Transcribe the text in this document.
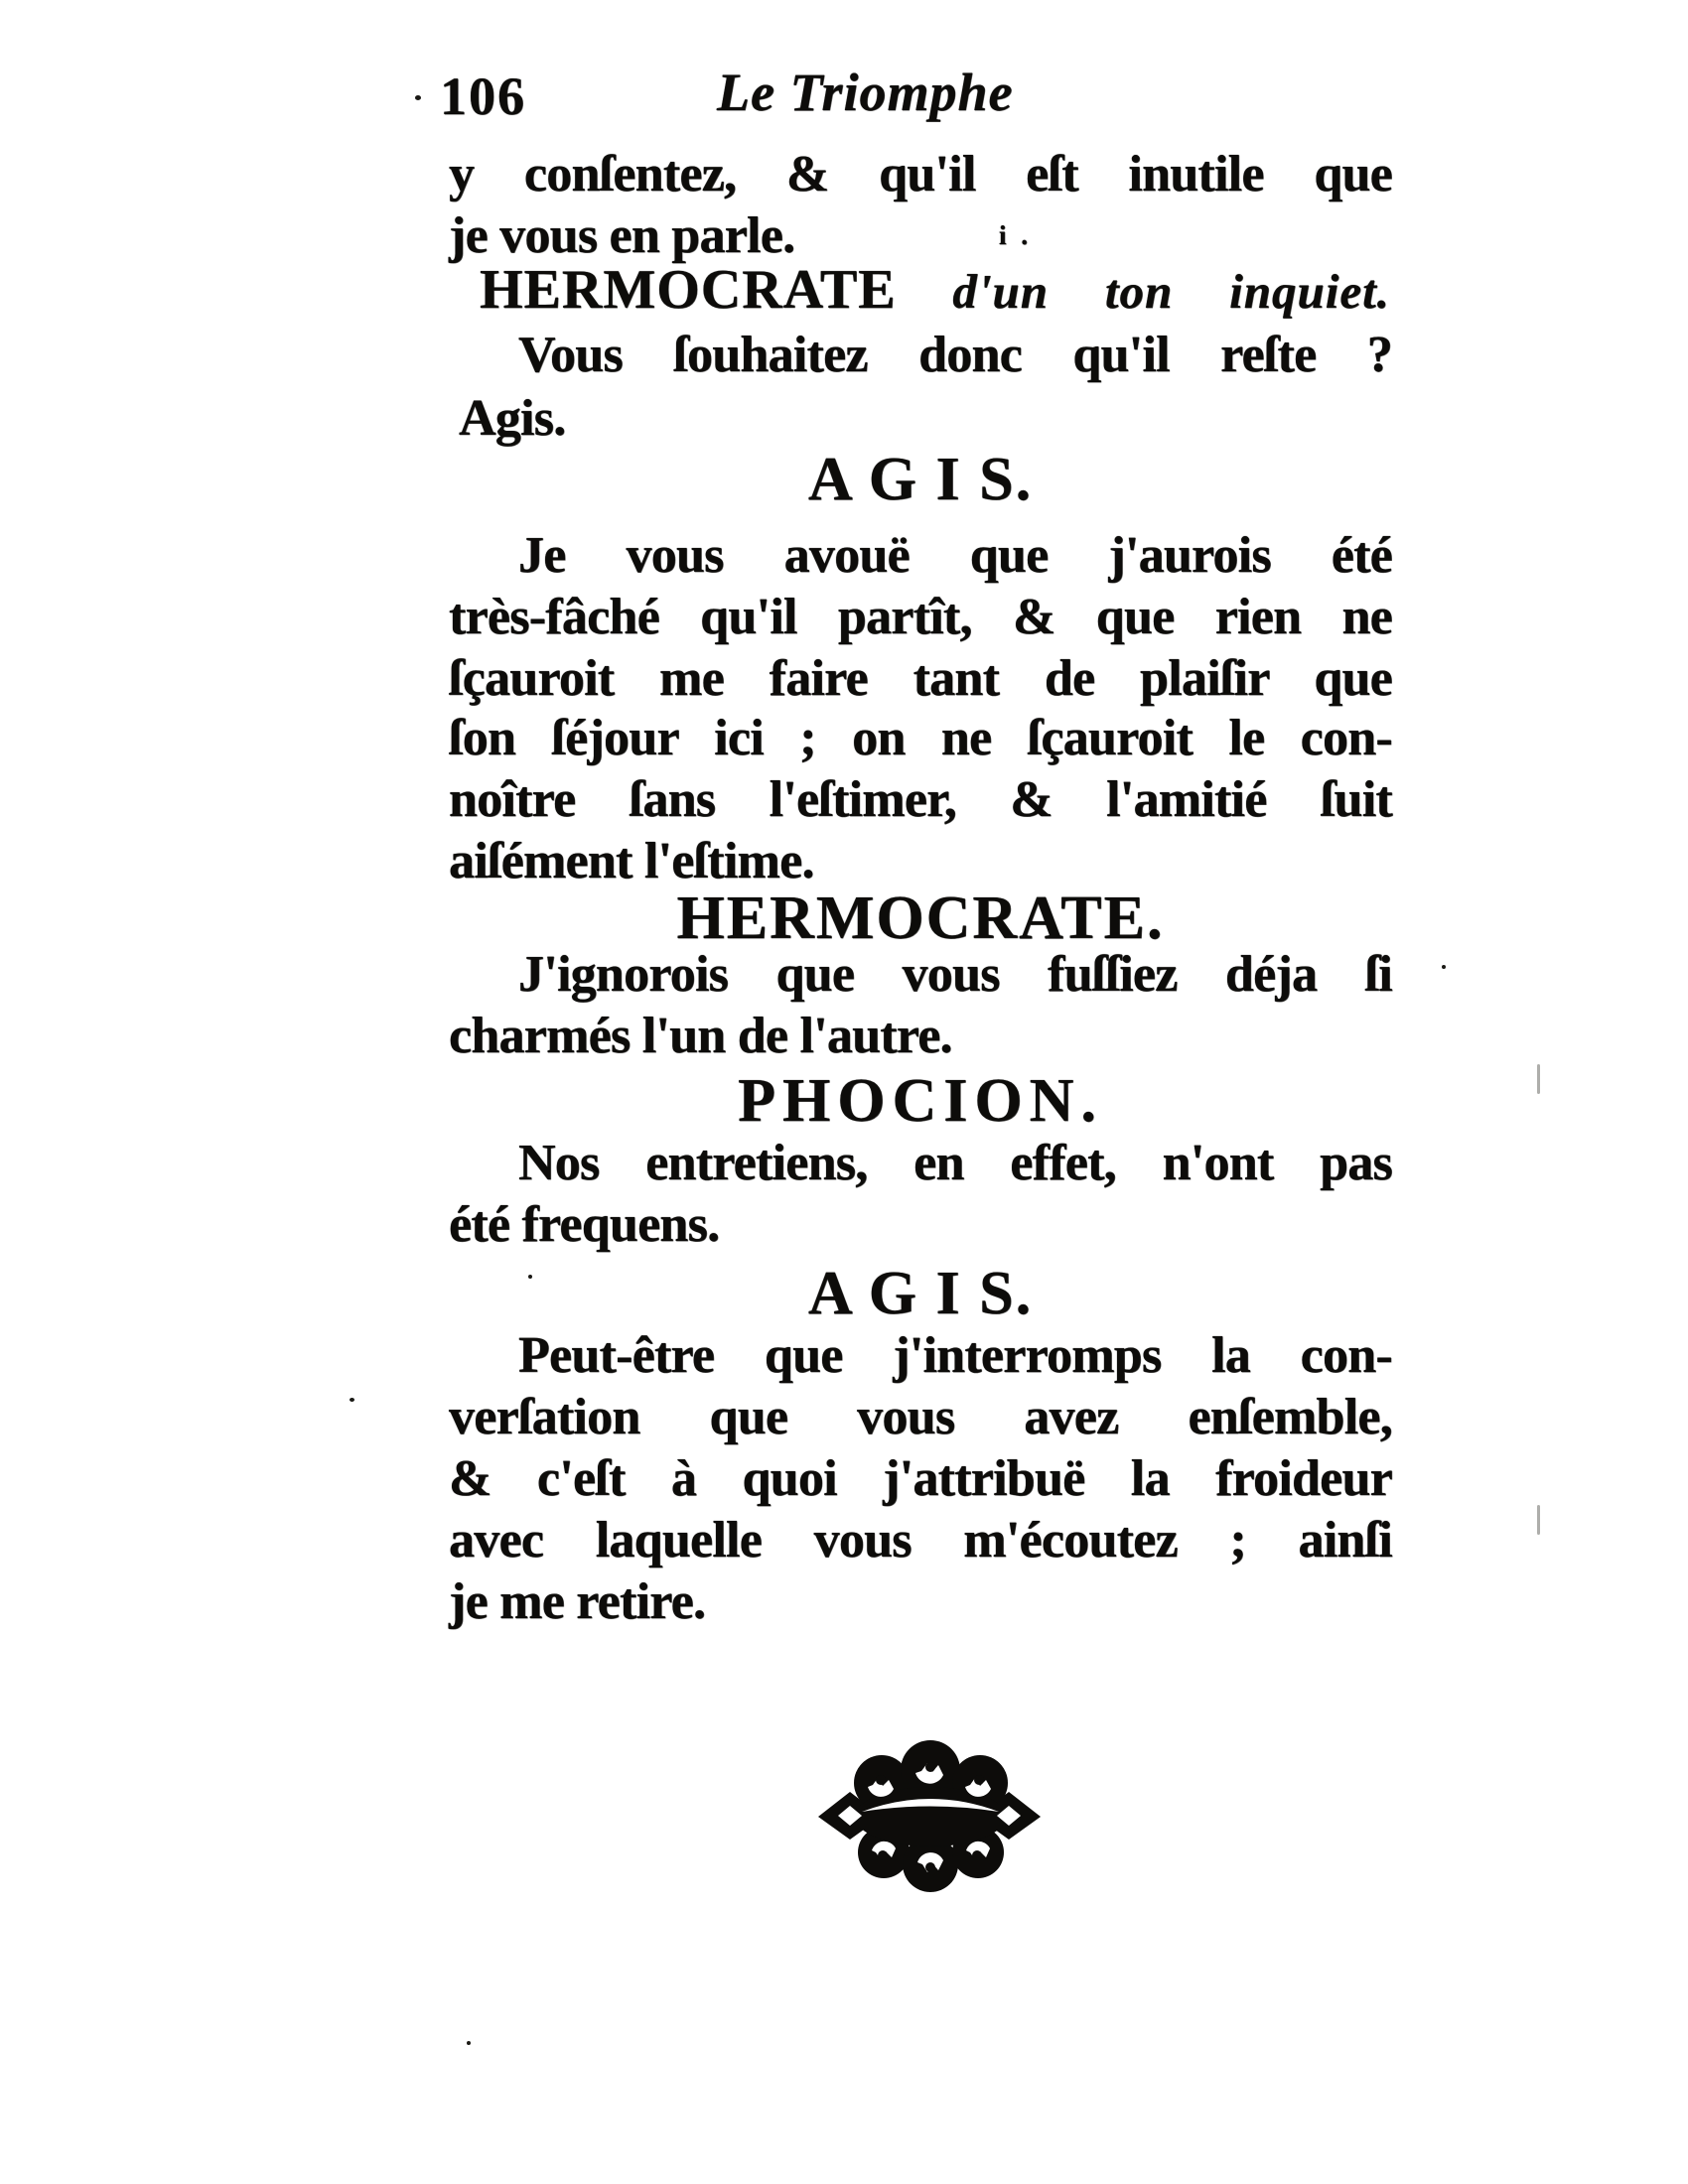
106	Le Triomphe
y conſentez, & qu'il eſt inutile que
je vous en parle.
HERMOCRATE d'un ton inquiet.
Vous ſouhaitez donc qu'il reſte ?
Agis.
A G I S.
Je vous avouë que j'aurois été
très-fâché qu'il partît, & que rien ne
ſçauroit me faire tant de plaiſir que
ſon ſéjour ici ; on ne ſçauroit le con-
noître ſans l'eſtimer, & l'amitié ſuit
aiſément l'eſtime.
HERMOCRATE.
J'ignorois que vous fuſſiez déja ſi
charmés l'un de l'autre.
PHOCION.
Nos entretiens, en effet, n'ont pas
été frequens.
A G I S.
Peut-être que j'interromps la con-
verſation que vous avez enſemble,
& c'eſt à quoi j'attribuë la froideur
avec laquelle vous m'écoutez ; ainſi
je me retire.
i .
